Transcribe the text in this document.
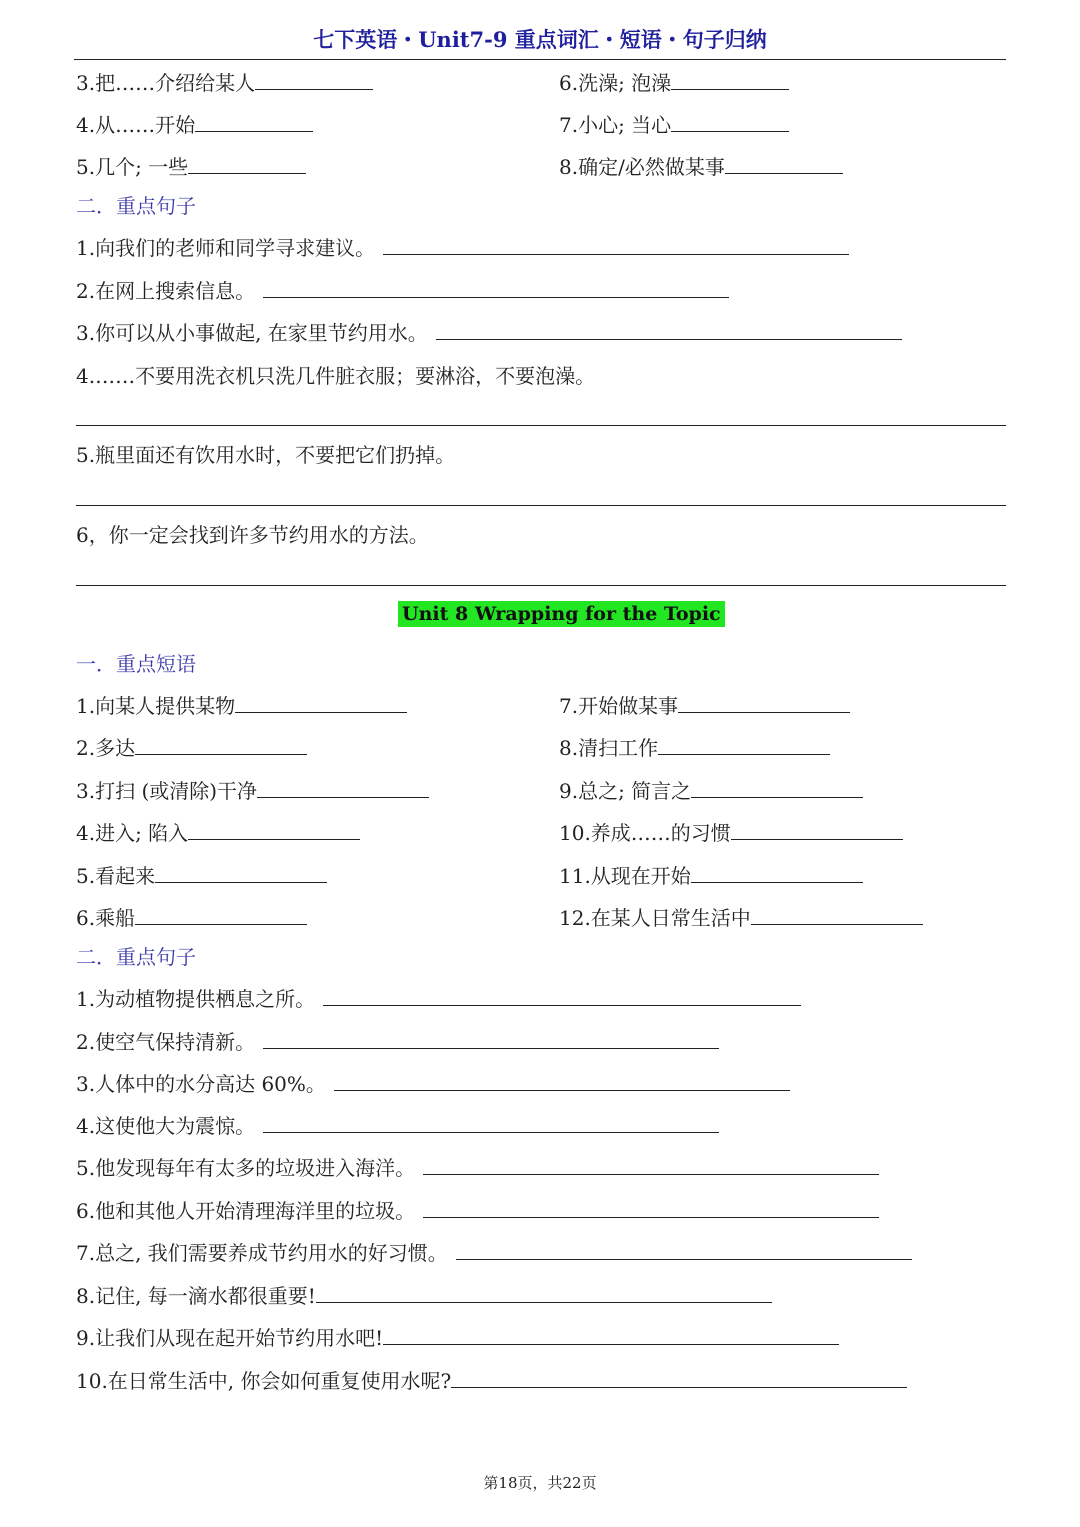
七下英语・Unit7-9 重点词汇・短语・句子归纳
3.把……介绍给某人	6.洗澡; 泡澡
4.从……开始	7.小心; 当心
5.几个; 一些	8.确定/必然做某事
二．重点句子
1.向我们的老师和同学寻求建议。
2.在网上搜索信息。
3.你可以从小事做起, 在家里节约用水。
4.……不要用洗衣机只洗几件脏衣服；要淋浴，不要泡澡。
5.瓶里面还有饮用水时，不要把它们扔掉。
6，你一定会找到许多节约用水的方法。
Unit 8 Wrapping for the Topic
一．重点短语
1.向某人提供某物	7.开始做某事
2.多达	8.清扫工作
3.打扫 (或清除)干净	9.总之; 简言之
4.进入; 陷入	10.养成……的习惯
5.看起来	11.从现在开始
6.乘船	12.在某人日常生活中
二．重点句子
1.为动植物提供栖息之所。
2.使空气保持清新。
3.人体中的水分高达 60%。
4.这使他大为震惊。
5.他发现每年有太多的垃圾进入海洋。
6.他和其他人开始清理海洋里的垃圾。
7.总之, 我们需要养成节约用水的好习惯。
8.记住, 每一滴水都很重要!
9.让我们从现在起开始节约用水吧!
10.在日常生活中, 你会如何重复使用水呢?
第18页，共22页
